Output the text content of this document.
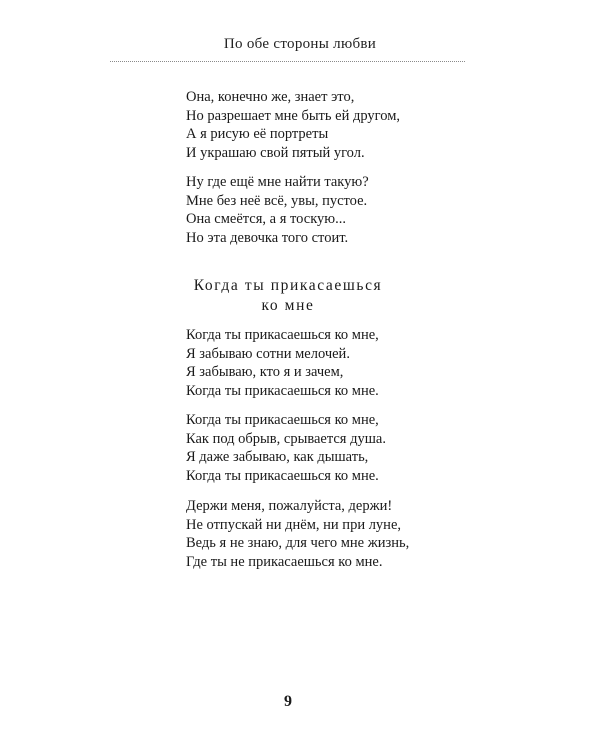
По обе стороны любви
Она, конечно же, знает это,
Но разрешает мне быть ей другом,
А я рисую её портреты
И украшаю свой пятый угол.
Ну где ещё мне найти такую?
Мне без неё всё, увы, пустое.
Она смеётся, а я тоскую...
Но эта девочка того стоит.
Когда ты прикасаешься
ко мне
Когда ты прикасаешься ко мне,
Я забываю сотни мелочей.
Я забываю, кто я и зачем,
Когда ты прикасаешься ко мне.
Когда ты прикасаешься ко мне,
Как под обрыв, срывается душа.
Я даже забываю, как дышать,
Когда ты прикасаешься ко мне.
Держи меня, пожалуйста, держи!
Не отпускай ни днём, ни при луне,
Ведь я не знаю, для чего мне жизнь,
Где ты не прикасаешься ко мне.
9
